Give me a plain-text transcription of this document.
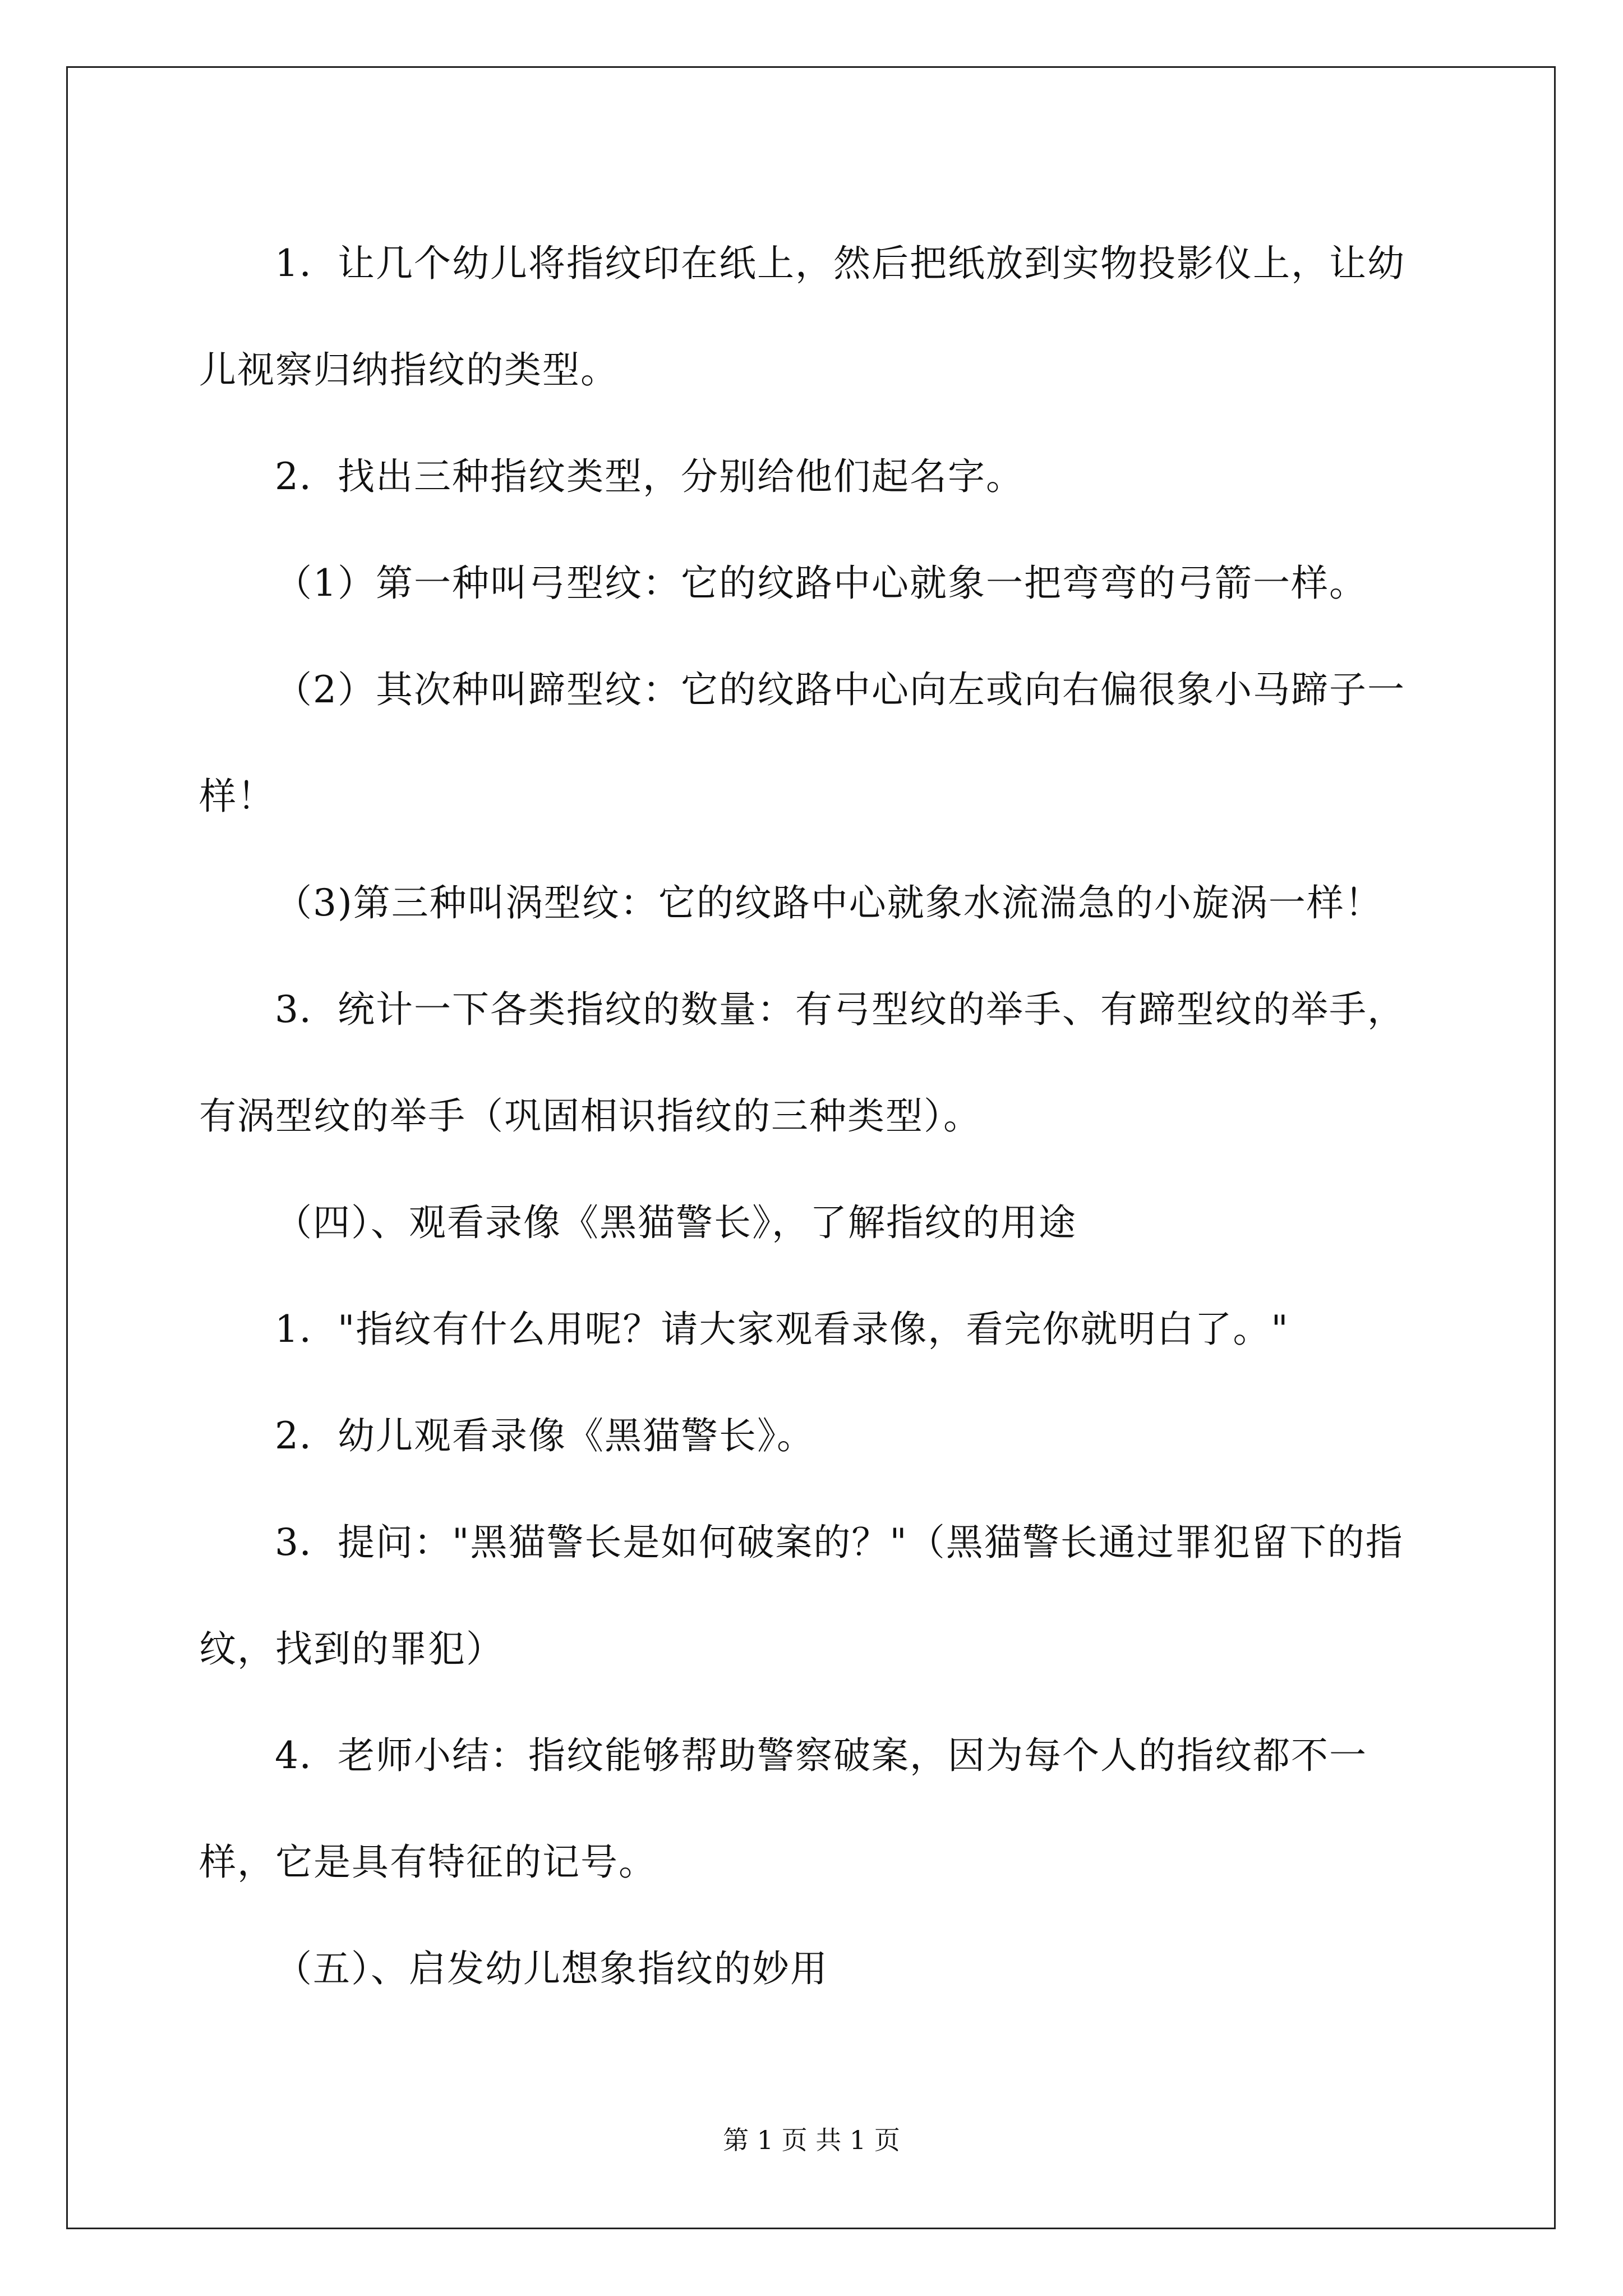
1．让几个幼儿将指纹印在纸上，然后把纸放到实物投影仪上，让幼儿视察归纳指纹的类型。

2．找出三种指纹类型，分别给他们起名字。

（1）第一种叫弓型纹：它的纹路中心就象一把弯弯的弓箭一样。

（2）其次种叫蹄型纹：它的纹路中心向左或向右偏很象小马蹄子一样！

（3)第三种叫涡型纹：它的纹路中心就象水流湍急的小旋涡一样！

3．统计一下各类指纹的数量：有弓型纹的举手、有蹄型纹的举手，有涡型纹的举手（巩固相识指纹的三种类型）。

（四）、观看录像《黑猫警长》，了解指纹的用途

1．"指纹有什么用呢？请大家观看录像，看完你就明白了。"

2．幼儿观看录像《黑猫警长》。

3．提问："黑猫警长是如何破案的？"（黑猫警长通过罪犯留下的指纹，找到的罪犯）

4．老师小结：指纹能够帮助警察破案，因为每个人的指纹都不一样，它是具有特征的记号。

（五）、启发幼儿想象指纹的妙用

第 1 页 共 1 页
